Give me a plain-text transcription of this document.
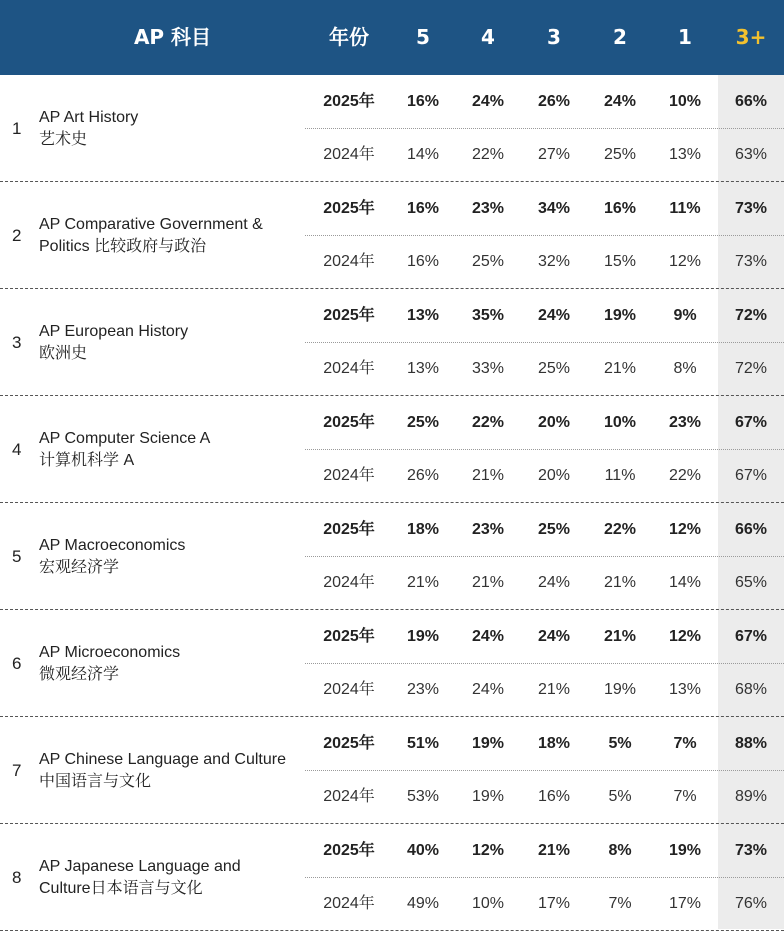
AP 科目	年份	5	4	3	2	1	3+
1
AP Art History
艺术史
2025年	16%	24%	26%	24%	10%	66%
2024年	14%	22%	27%	25%	13%	63%
2
AP Comparative Government &
Politics 比较政府与政治
2025年	16%	23%	34%	16%	11%	73%
2024年	16%	25%	32%	15%	12%	73%
3
AP European History
欧洲史
2025年	13%	35%	24%	19%	9%	72%
2024年	13%	33%	25%	21%	8%	72%
4
AP Computer Science A
计算机科学 A
2025年	25%	22%	20%	10%	23%	67%
2024年	26%	21%	20%	11%	22%	67%
5
AP Macroeconomics
宏观经济学
2025年	18%	23%	25%	22%	12%	66%
2024年	21%	21%	24%	21%	14%	65%
6
AP Microeconomics
微观经济学
2025年	19%	24%	24%	21%	12%	67%
2024年	23%	24%	21%	19%	13%	68%
7
AP Chinese Language and Culture
中国语言与文化
2025年	51%	19%	18%	5%	7%	88%
2024年	53%	19%	16%	5%	7%	89%
8
AP Japanese Language and
Culture日本语言与文化
2025年	40%	12%	21%	8%	19%	73%
2024年	49%	10%	17%	7%	17%	76%
